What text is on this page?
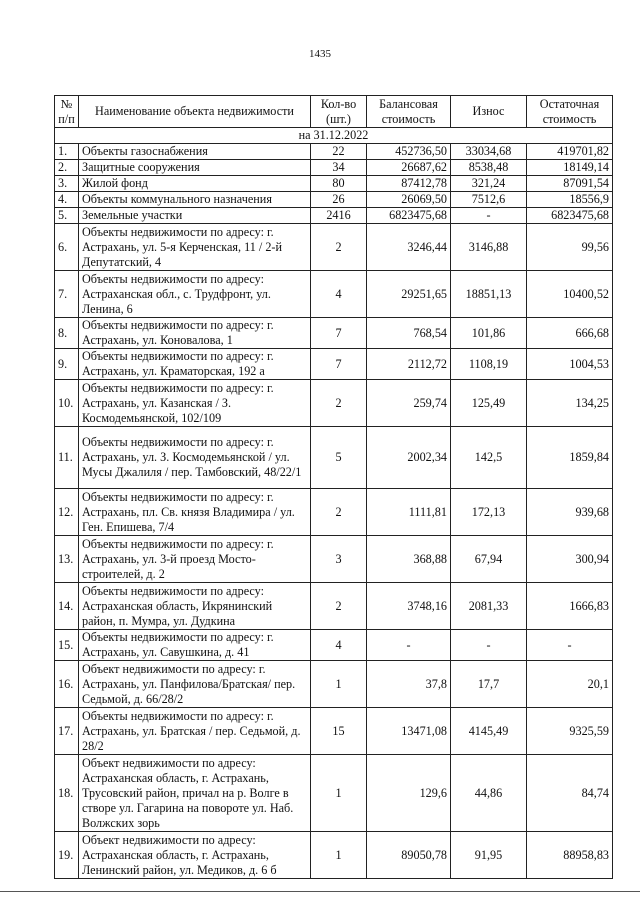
1435
№ п/п	Наименование объекта недвижимости	Кол-во (шт.)	Балансовая стоимость	Износ	Остаточная стоимость
на 31.12.2022					
1.	Объекты газоснабжения	22	452736,50	33034,68	419701,82
2.	Защитные сооружения	34	26687,62	8538,48	18149,14
3.	Жилой фонд	80	87412,78	321,24	87091,54
4.	Объекты коммунального назначения	26	26069,50	7512,6	18556,9
5.	Земельные участки	2416	6823475,68	-	6823475,68
6.	Объекты недвижимости по адресу: г. Астрахань, ул. 5-я Керченская, 11 / 2-й Депутатский, 4	2	3246,44	3146,88	99,56
7.	Объекты недвижимости по адресу: Астраханская обл., с. Трудфронт, ул. Ленина, 6	4	29251,65	18851,13	10400,52
8.	Объекты недвижимости по адресу: г. Астрахань, ул. Коновалова, 1	7	768,54	101,86	666,68
9.	Объекты недвижимости по адресу: г. Астрахань, ул. Краматорская, 192 а	7	2112,72	1108,19	1004,53
10.	Объекты недвижимости по адресу: г. Астрахань, ул. Казанская / З. Космодемьянской, 102/109	2	259,74	125,49	134,25
11.	Объекты недвижимости по адресу: г. Астрахань, ул. З. Космодемьянской / ул. Мусы Джалиля / пер. Тамбовский, 48/22/1	5	2002,34	142,5	1859,84
12.	Объекты недвижимости по адресу: г. Астрахань, пл. Св. князя Владимира / ул. Ген. Епишева, 7/4	2	1111,81	172,13	939,68
13.	Объекты недвижимости по адресу: г. Астрахань, ул. 3-й проезд Мосто-строителей, д. 2	3	368,88	67,94	300,94
14.	Объекты недвижимости по адресу: Астраханская область, Икрянинский район, п. Мумра, ул. Дудкина	2	3748,16	2081,33	1666,83
15.	Объекты недвижимости по адресу: г. Астрахань, ул. Савушкина, д. 41	4	-	-	-
16.	Объект недвижимости по адресу: г. Астрахань, ул. Панфилова/Братская/ пер. Седьмой, д. 66/28/2	1	37,8	17,7	20,1
17.	Объекты недвижимости по адресу: г. Астрахань, ул. Братская / пер. Седьмой, д. 28/2	15	13471,08	4145,49	9325,59
18.	Объект недвижимости по адресу: Астраханская область, г. Астрахань, Трусовский район, причал на р. Волге в створе ул. Гагарина на повороте ул. Наб. Волжских зорь	1	129,6	44,86	84,74
19.	Объект недвижимости по адресу: Астраханская область, г. Астрахань, Ленинский район, ул. Медиков, д. 6 б	1	89050,78	91,95	88958,83
